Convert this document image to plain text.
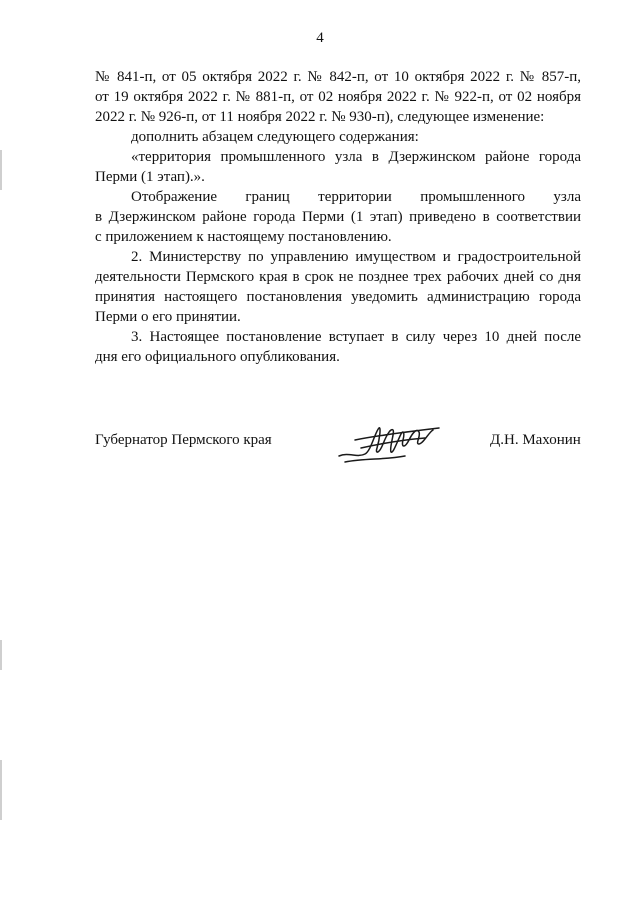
4
№ 841-п, от 05 октября 2022 г. № 842-п, от 10 октября 2022 г. № 857-п,
от 19 октября 2022 г. № 881-п, от 02 ноября 2022 г. № 922-п, от 02 ноября
2022 г. № 926-п, от 11 ноября 2022 г. № 930-п), следующее изменение:
дополнить абзацем следующего содержания:
«территория промышленного узла в Дзержинском районе города
Перми (1 этап).».
Отображение границ территории промышленного узла
в Дзержинском районе города Перми (1 этап) приведено в соответствии
с приложением к настоящему постановлению.
2. Министерству по управлению имуществом и градостроительной
деятельности Пермского края в срок не позднее трех рабочих дней со дня
принятия настоящего постановления уведомить администрацию города
Перми о его принятии.
3. Настоящее постановление вступает в силу через 10 дней после
дня его официального опубликования.
Губернатор Пермского края	Д.Н. Махонин
